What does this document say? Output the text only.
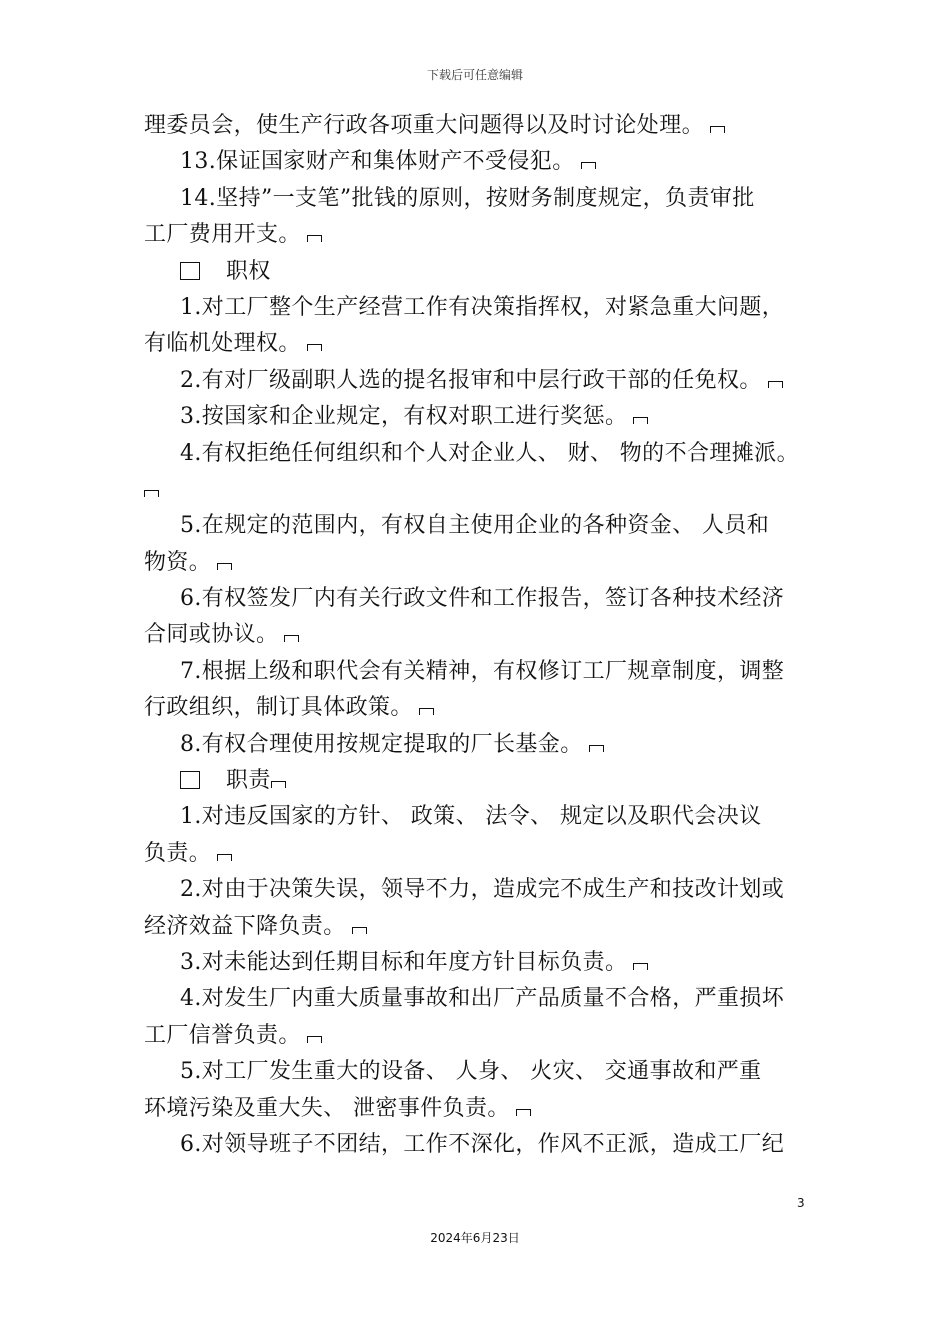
下载后可任意编辑
理委员会，使生产行政各项重大问题得以及时讨论处理。
13.保证国家财产和集体财产不受侵犯。
14.坚持”一支笔”批钱的原则，按财务制度规定，负责审批
工厂费用开支。
职权
1.对工厂整个生产经营工作有决策指挥权，对紧急重大问题，
有临机处理权。
2.有对厂级副职人选的提名报审和中层行政干部的任免权。
3.按国家和企业规定，有权对职工进行奖惩。
4.有权拒绝任何组织和个人对企业人、 财、 物的不合理摊派。
5.在规定的范围内，有权自主使用企业的各种资金、 人员和
物资。
6.有权签发厂内有关行政文件和工作报告，签订各种技术经济
合同或协议。
7.根据上级和职代会有关精神，有权修订工厂规章制度，调整
行政组织，制订具体政策。
8.有权合理使用按规定提取的厂长基金。
职责
1.对违反国家的方针、 政策、 法令、 规定以及职代会决议
负责。
2.对由于决策失误，领导不力，造成完不成生产和技改计划或
经济效益下降负责。
3.对未能达到任期目标和年度方针目标负责。
4.对发生厂内重大质量事故和出厂产品质量不合格，严重损坏
工厂信誉负责。
5.对工厂发生重大的设备、 人身、 火灾、 交通事故和严重
环境污染及重大失、 泄密事件负责。
6.对领导班子不团结，工作不深化，作风不正派，造成工厂纪
3
2024年6月23日
